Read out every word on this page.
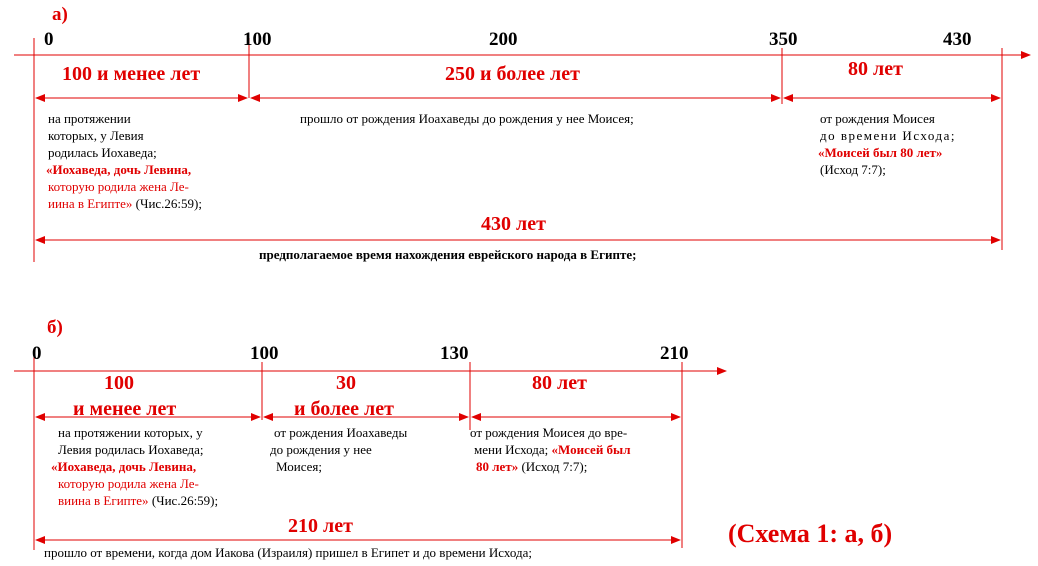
а)
0	100	200	350	430
100 и менее лет	250 и более лет	80 лет
на протяжении
которых, у Левия
родилась Иохаведа;
«Иохаведа, дочь Левина,
которую родила жена Ле-
иина в Египте» (Чис.26:59);
прошло от рождения Иоахаведы до рождения у нее Моисея;	от рождения Моисея
до времени Исхода;
«Моисей был 80 лет»
(Исход 7:7);
430 лет
предполагаемое время нахождения еврейского народа в Египте;
б)
0	100	130	210
100
и менее лет
30
и более лет
80 лет
на протяжении которых, у
Левия родилась Иохаведа;
«Иохаведа, дочь Левина,
которую родила жена Ле-
виина в Египте» (Чис.26:59);
от рождения Иоахаведы
до рождения у нее
Моисея;
от рождения Моисея до вре-
мени Исхода; «Моисей был
80 лет» (Исход 7:7);
210 лет
прошло от времени, когда дом Иакова (Израиля) пришел в Египет и до времени Исхода;
(Схема 1: а, б)
